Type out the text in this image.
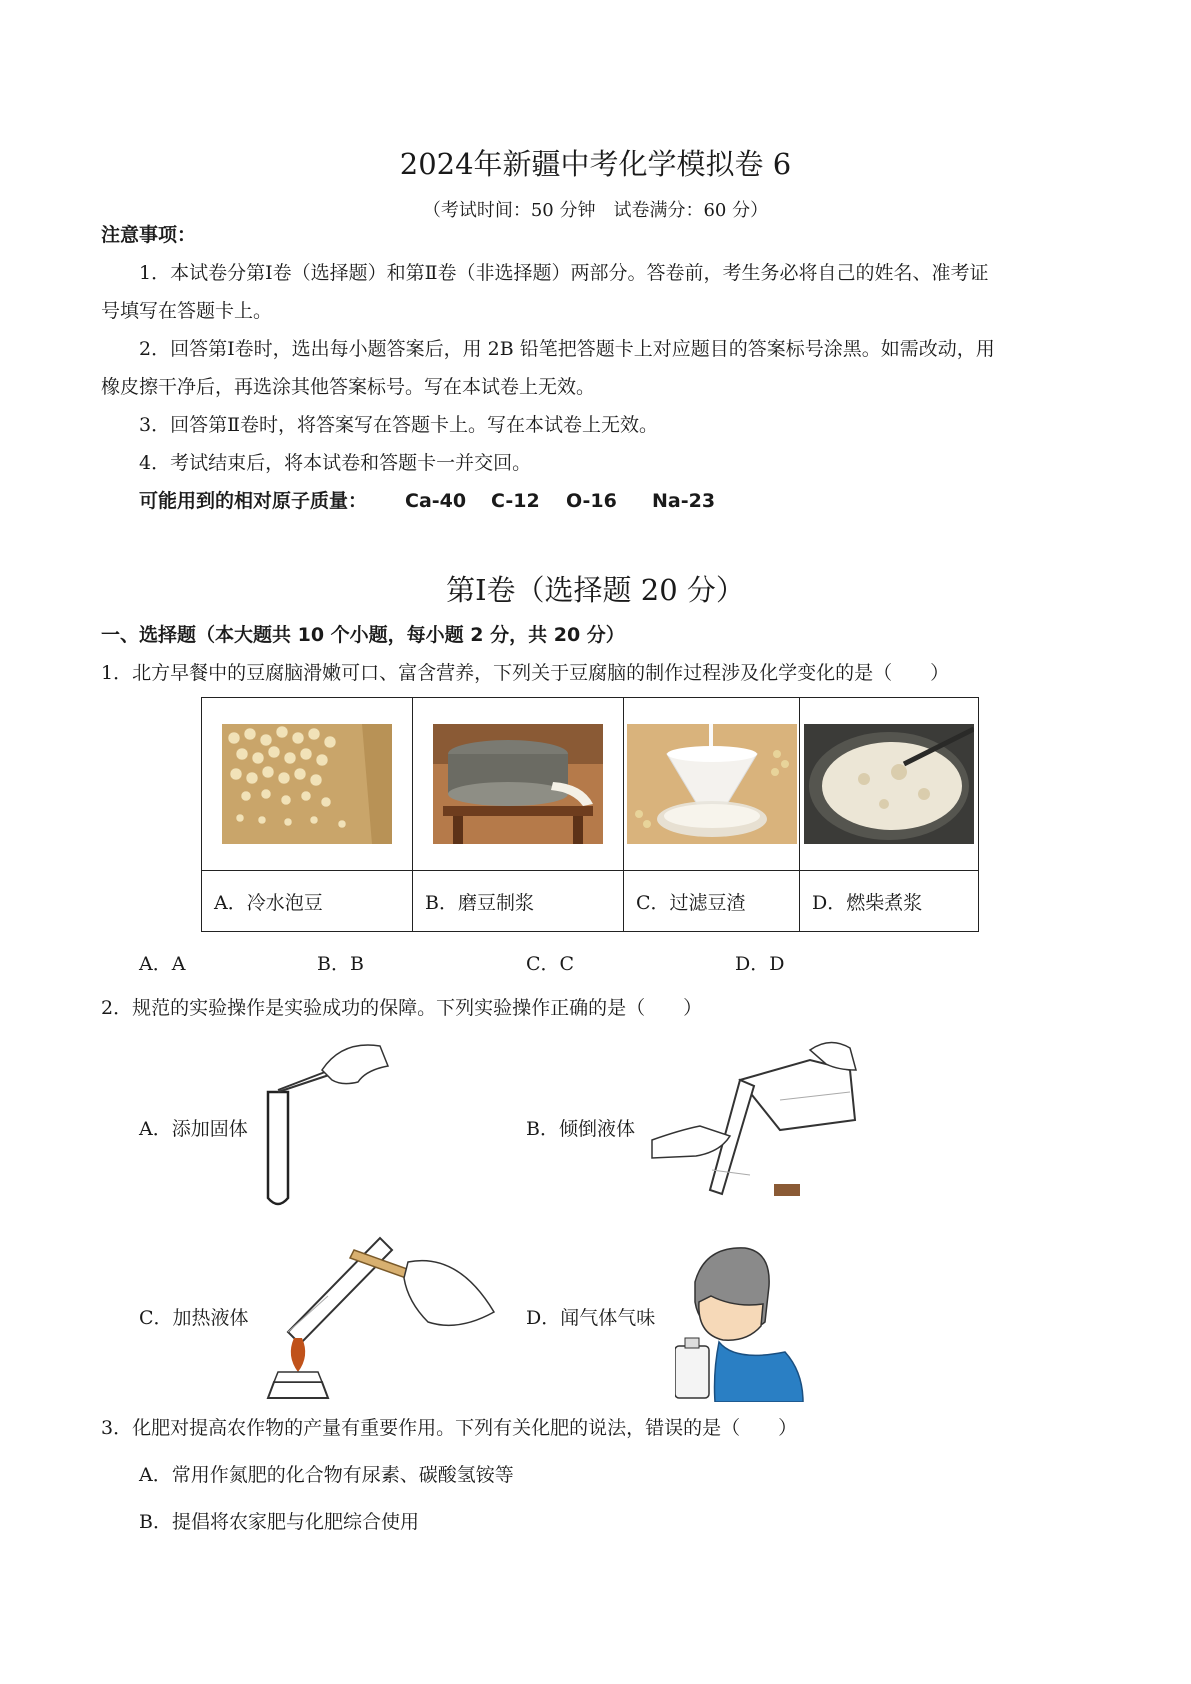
2024年新疆中考化学模拟卷 6
（考试时间：50 分钟　试卷满分：60 分）
注意事项：
1．本试卷分第Ⅰ卷（选择题）和第Ⅱ卷（非选择题）两部分。答卷前，考生务必将自己的姓名、准考证
号填写在答题卡上。
2．回答第Ⅰ卷时，选出每小题答案后，用 2B 铅笔把答题卡上对应题目的答案标号涂黑。如需改动，用
橡皮擦干净后，再选涂其他答案标号。写在本试卷上无效。
3．回答第Ⅱ卷时，将答案写在答题卡上。写在本试卷上无效。
4．考试结束后，将本试卷和答题卡一并交回。
可能用到的相对原子质量： Ca-40 C-12 O-16 Na-23
第Ⅰ卷（选择题 20 分）
一、选择题（本大题共 10 个小题，每小题 2 分，共 20 分）
1．北方早餐中的豆腐脑滑嫩可口、富含营养，下列关于豆腐脑的制作过程涉及化学变化的是（　　）

A．冷水泡豆	B．磨豆制浆	C．过滤豆渣	D．燃柴煮浆
A．A	B．B	C．C	D．D
2．规范的实验操作是实验成功的保障。下列实验操作正确的是（　　）
A．添加固体	B．倾倒液体
C．加热液体	D．闻气体气味
3．化肥对提高农作物的产量有重要作用。下列有关化肥的说法，错误的是（　　）
A．常用作氮肥的化合物有尿素、碳酸氢铵等
B．提倡将农家肥与化肥综合使用
